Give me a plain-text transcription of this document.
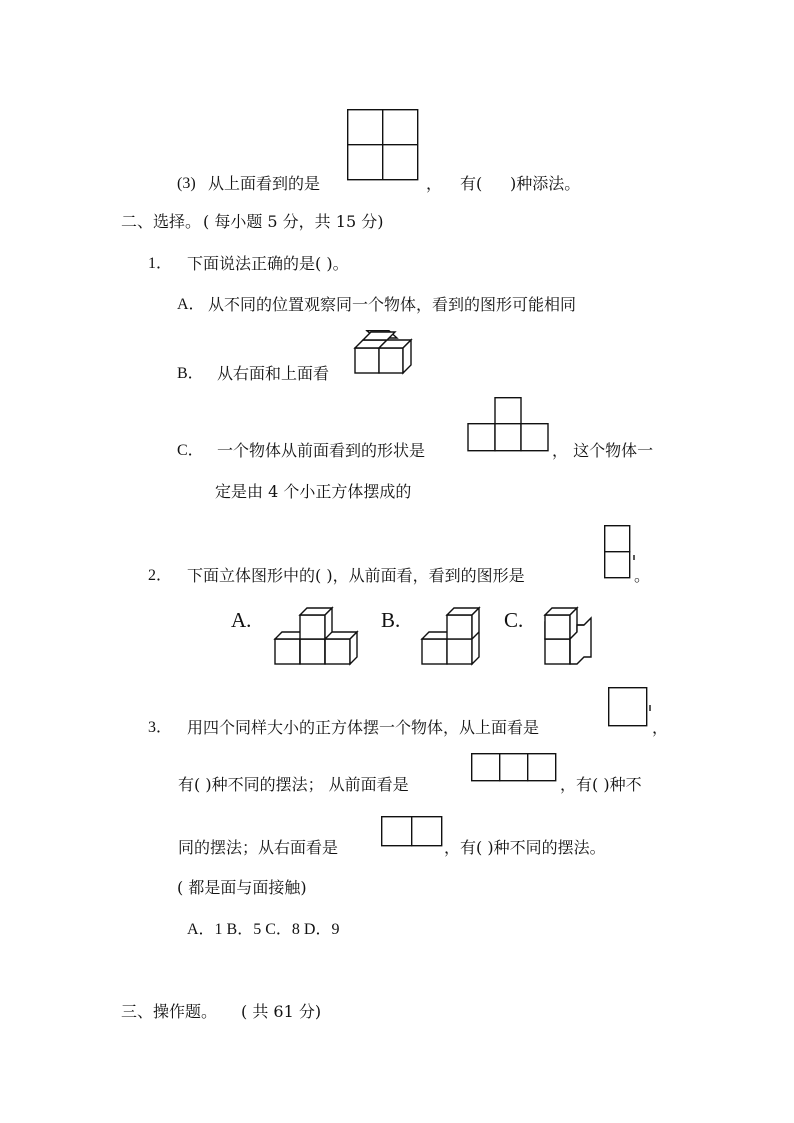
(3) 从上面看到的是	， 有( )种添法。
二、选择。 ( 每小题 5 分，共 15 分)
1． 下面说法正确的是( )。
A． 从不同的位置观察同一个物体，看到的图形可能相同
B． 从右面和上面看
C． 一个物体从前面看到的形状是	， 这个物体一
定是由 4 个小正方体摆成的
2． 下面立体图形中的( )，从前面看，看到的图形是	。
A.	B.	C.
3． 用四个同样大小的正方体摆一个物体，从上面看是	，
有( )种不同的摆法； 从前面看是	，有( )种不
同的摆法；从右面看是	，有( )种不同的摆法。
( 都是面与面接触)
A．1 B．5 C．8 D．9
三、操作题。 ( 共 61 分)
